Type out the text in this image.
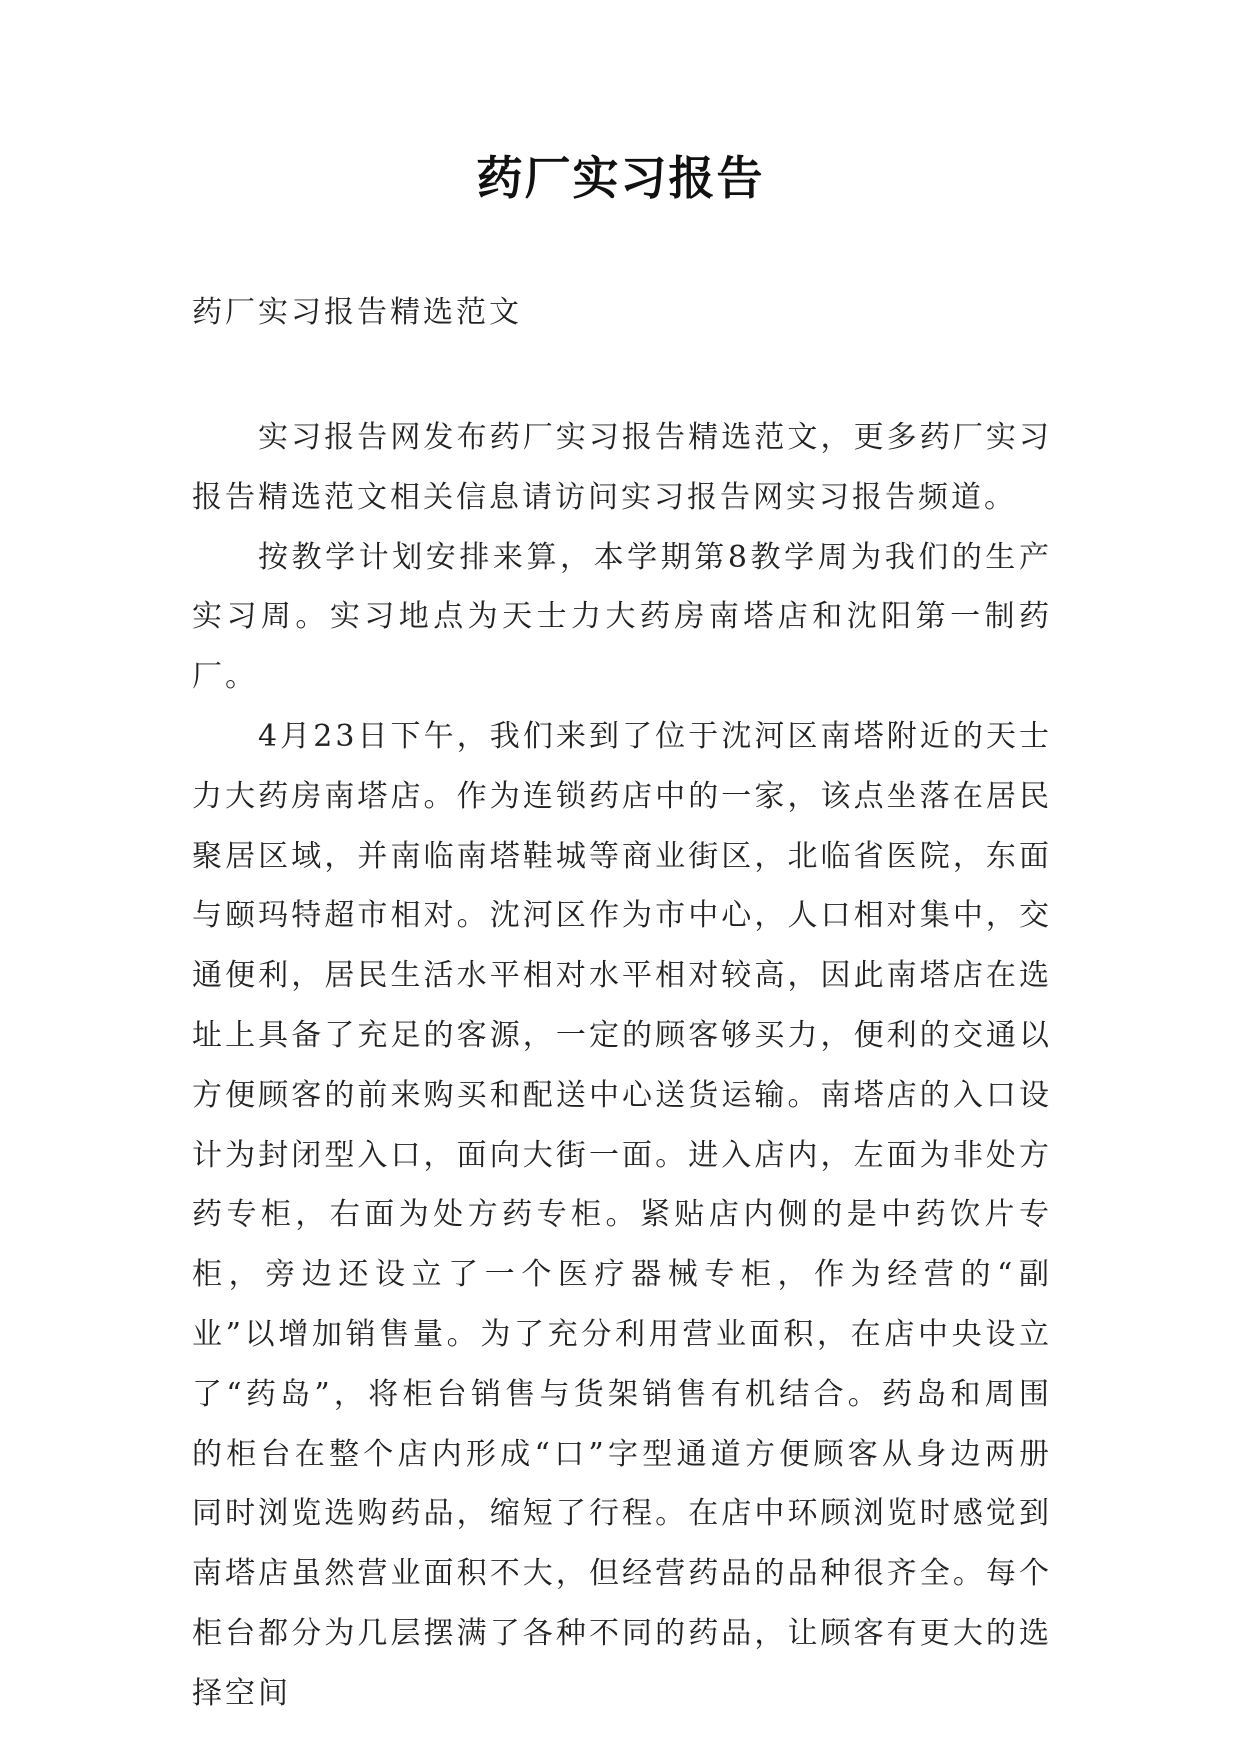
药厂实习报告
药厂实习报告精选范文

实习报告网发布药厂实习报告精选范文，更多药厂实习报告精选范文相关信息请访问实习报告网实习报告频道。

按教学计划安排来算，本学期第8教学周为我们的生产实习周。实习地点为天士力大药房南塔店和沈阳第一制药厂。

4月23日下午，我们来到了位于沈河区南塔附近的天士力大药房南塔店。作为连锁药店中的一家，该点坐落在居民聚居区域，并南临南塔鞋城等商业街区，北临省医院，东面与颐玛特超市相对。沈河区作为市中心，人口相对集中，交通便利，居民生活水平相对水平相对较高，因此南塔店在选址上具备了充足的客源，一定的顾客够买力，便利的交通以方便顾客的前来购买和配送中心送货运输。南塔店的入口设计为封闭型入口，面向大街一面。进入店内，左面为非处方药专柜，右面为处方药专柜。紧贴店内侧的是中药饮片专柜，旁边还设立了一个医疗器械专柜，作为经营的“副业”以增加销售量。为了充分利用营业面积，在店中央设立了“药岛”，将柜台销售与货架销售有机结合。药岛和周围的柜台在整个店内形成“口”字型通道方便顾客从身边两册同时浏览选购药品，缩短了行程。在店中环顾浏览时感觉到南塔店虽然营业面积不大，但经营药品的品种很齐全。每个柜台都分为几层摆满了各种不同的药品，让顾客有更大的选择空间
